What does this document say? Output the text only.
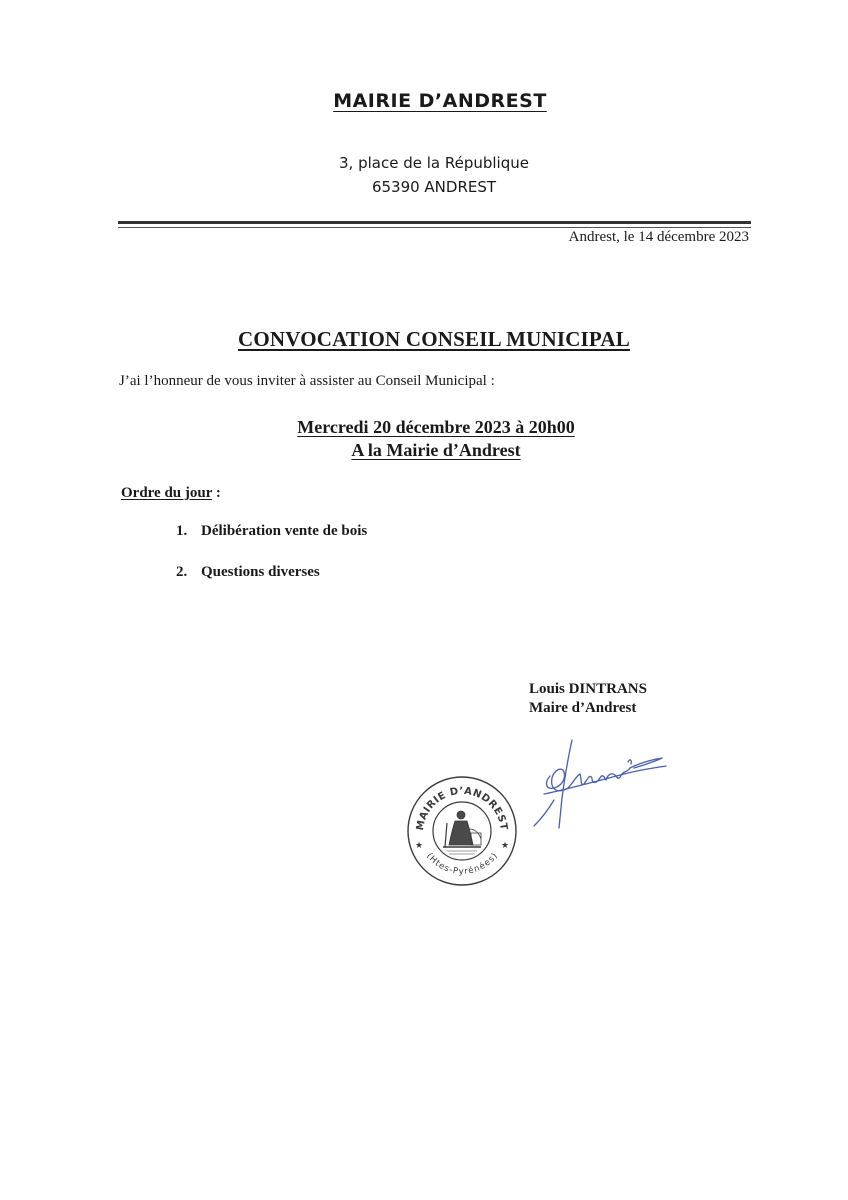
MAIRIE D’ANDREST
3, place de la République
65390 ANDREST
Andrest, le 14 décembre 2023
CONVOCATION CONSEIL MUNICIPAL
J’ai l’honneur de vous inviter à assister au Conseil Municipal :
Mercredi 20 décembre 2023 à 20h00
A la Mairie d’Andrest
Ordre du jour :
1. Délibération vente de bois
2. Questions diverses
Louis DINTRANS
Maire d’Andrest
MAIRIE D’ANDREST
(Htes-Pyrénées)
★	★
